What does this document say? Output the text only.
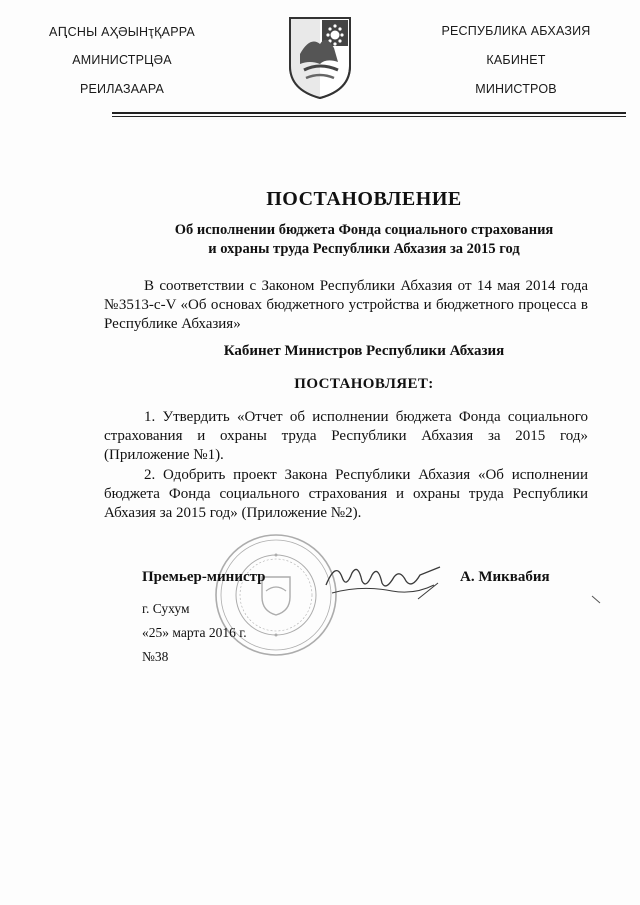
АԤСНЫ АҲӘЫНҭҚАРРА
АМИНИСТРЦӘА
РЕИЛАЗААРА
РЕСПУБЛИКА АБХАЗИЯ
КАБИНЕТ
МИНИСТРОВ
ПОСТАНОВЛЕНИЕ
Об исполнении бюджета Фонда социального страхования
и охраны труда Республики Абхазия за 2015 год
В соответствии с Законом Республики Абхазия от 14 мая 2014 года №3513-с-V «Об основах бюджетного устройства и бюджетного процесса в Республике Абхазия»
Кабинет Министров Республики Абхазия
ПОСТАНОВЛЯЕТ:
1. Утвердить «Отчет об исполнении бюджета Фонда социального страхования и охраны труда Республики Абхазия за 2015 год» (Приложение №1).
2. Одобрить проект Закона Республики Абхазия «Об исполнении бюджета Фонда социального страхования и охраны труда Республики Абхазия за 2015 год» (Приложение №2).
Премьер-министр	А. Миквабия
г. Сухум
«25» марта 2016 г.
№38
